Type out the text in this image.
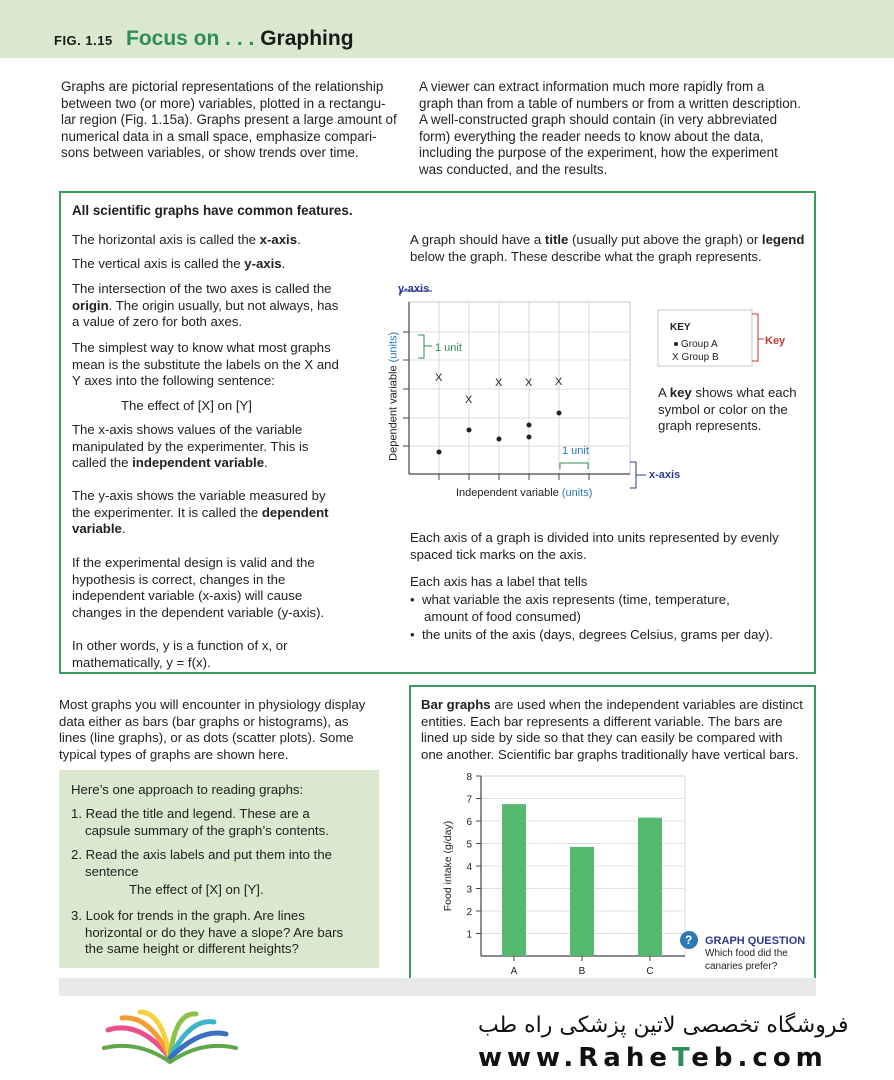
FIG. 1.15 Focus on . . . Graphing
Graphs are pictorial representations of the relationship
between two (or more) variables, plotted in a rectangu-
lar region (Fig. 1.15a). Graphs present a large amount of
numerical data in a small space, emphasize compari-
sons between variables, or show trends over time.
A viewer can extract information much more rapidly from a
graph than from a table of numbers or from a written description.
A well-constructed graph should contain (in very abbreviated
form) everything the reader needs to know about the data,
including the purpose of the experiment, how the experiment
was conducted, and the results.
All scientific graphs have common features.
The horizontal axis is called the x-axis.
The vertical axis is called the y-axis.
The intersection of the two axes is called the
origin. The origin usually, but not always, has
a value of zero for both axes.
The simplest way to know what most graphs
mean is the substitute the labels on the X and
Y axes into the following sentence:
The effect of [X] on [Y]
The x-axis shows values of the variable
manipulated by the experimenter. This is
called the independent variable.
The y-axis shows the variable measured by
the experimenter. It is called the dependent
variable.
If the experimental design is valid and the
hypothesis is correct, changes in the
independent variable (x-axis) will cause
changes in the dependent variable (y-axis).
In other words, y is a function of x, or
mathematically, y = f(x).
A graph should have a title (usually put above the graph) or legend
below the graph. These describe what the graph represents.
y-axis
1 unit
1 unit
x-axis
Independent variable (units)
Dependent variable (units)
X
X
X X X
KEY
Group A
X Group B
Key
A key shows what each
symbol or color on the
graph represents.
Each axis of a graph is divided into units represented by evenly
spaced tick marks on the axis.
Each axis has a label that tells
• what variable the axis represents (time, temperature,
amount of food consumed)
• the units of the axis (days, degrees Celsius, grams per day).
Most graphs you will encounter in physiology display
data either as bars (bar graphs or histograms), as
lines (line graphs), or as dots (scatter plots). Some
typical types of graphs are shown here.
Here’s one approach to reading graphs:
1. Read the title and legend. These are a
capsule summary of the graph’s contents.
2. Read the axis labels and put them into the
sentence
The effect of [X] on [Y].
3. Look for trends in the graph. Are lines
horizontal or do they have a slope? Are bars
the same height or different heights?
Bar graphs are used when the independent variables are distinct
entities. Each bar represents a different variable. The bars are
lined up side by side so that they can easily be compared with
one another. Scientific bar graphs traditionally have vertical bars.
1
2
3
4
5
6
7
8
A	B	C
Food intake (g/day)
? GRAPH QUESTION
Which food did the
canaries prefer?
فروشگاه تخصصی لاتین پزشکی راه طب
www.RaheTeb.com
